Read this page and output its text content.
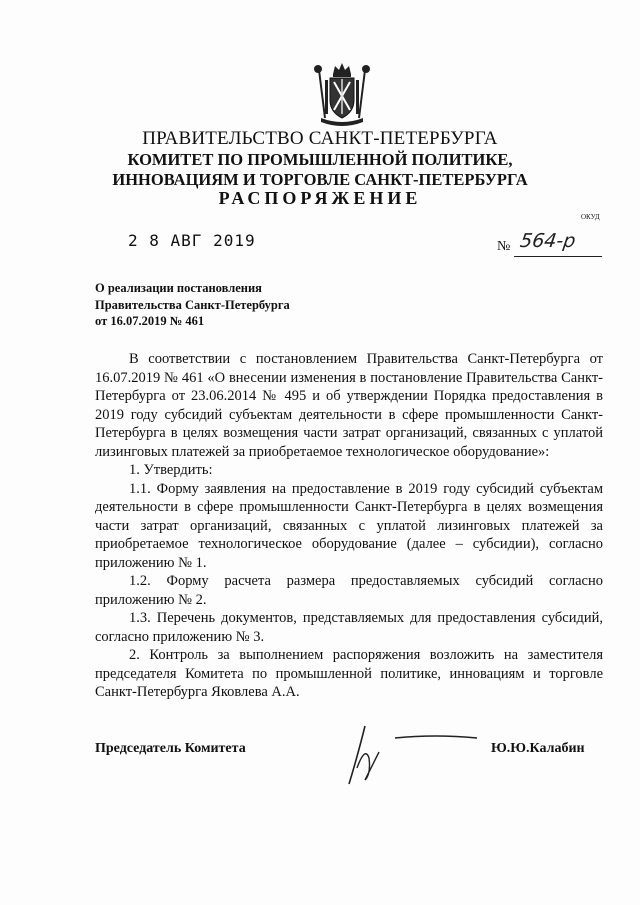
ПРАВИТЕЛЬСТВО САНКТ-ПЕТЕРБУРГА
КОМИТЕТ ПО ПРОМЫШЛЕННОЙ ПОЛИТИКЕ,
ИННОВАЦИЯМ И ТОРГОВЛЕ САНКТ-ПЕТЕРБУРГА
РАСПОРЯЖЕНИЕ
ОКУД
2 8 АВГ 2019	№ 564-р
О реализации постановления
Правительства Санкт-Петербурга
от 16.07.2019 № 461

В соответствии с постановлением Правительства Санкт-Петербурга от 16.07.2019 № 461 «О внесении изменения в постановление Правительства Санкт-Петербурга от 23.06.2014 № 495 и об утверждении Порядка предоставления в 2019 году субсидий субъектам деятельности в сфере промышленности Санкт-Петербурга в целях возмещения части затрат организаций, связанных с уплатой лизинговых платежей за приобретаемое технологическое оборудование»:

1. Утвердить:

1.1. Форму заявления на предоставление в 2019 году субсидий субъектам деятельности в сфере промышленности Санкт-Петербурга в целях возмещения части затрат организаций, связанных с уплатой лизинговых платежей за приобретаемое технологическое оборудование (далее – субсидии), согласно приложению № 1.

1.2. Форму расчета размера предоставляемых субсидий согласно приложению № 2.

1.3. Перечень документов, представляемых для предоставления субсидий, согласно приложению № 3.

2. Контроль за выполнением распоряжения возложить на заместителя председателя Комитета по промышленной политике, инновациям и торговле Санкт-Петербурга Яковлева А.А.

Председатель Комитета	Ю.Ю.Калабин
